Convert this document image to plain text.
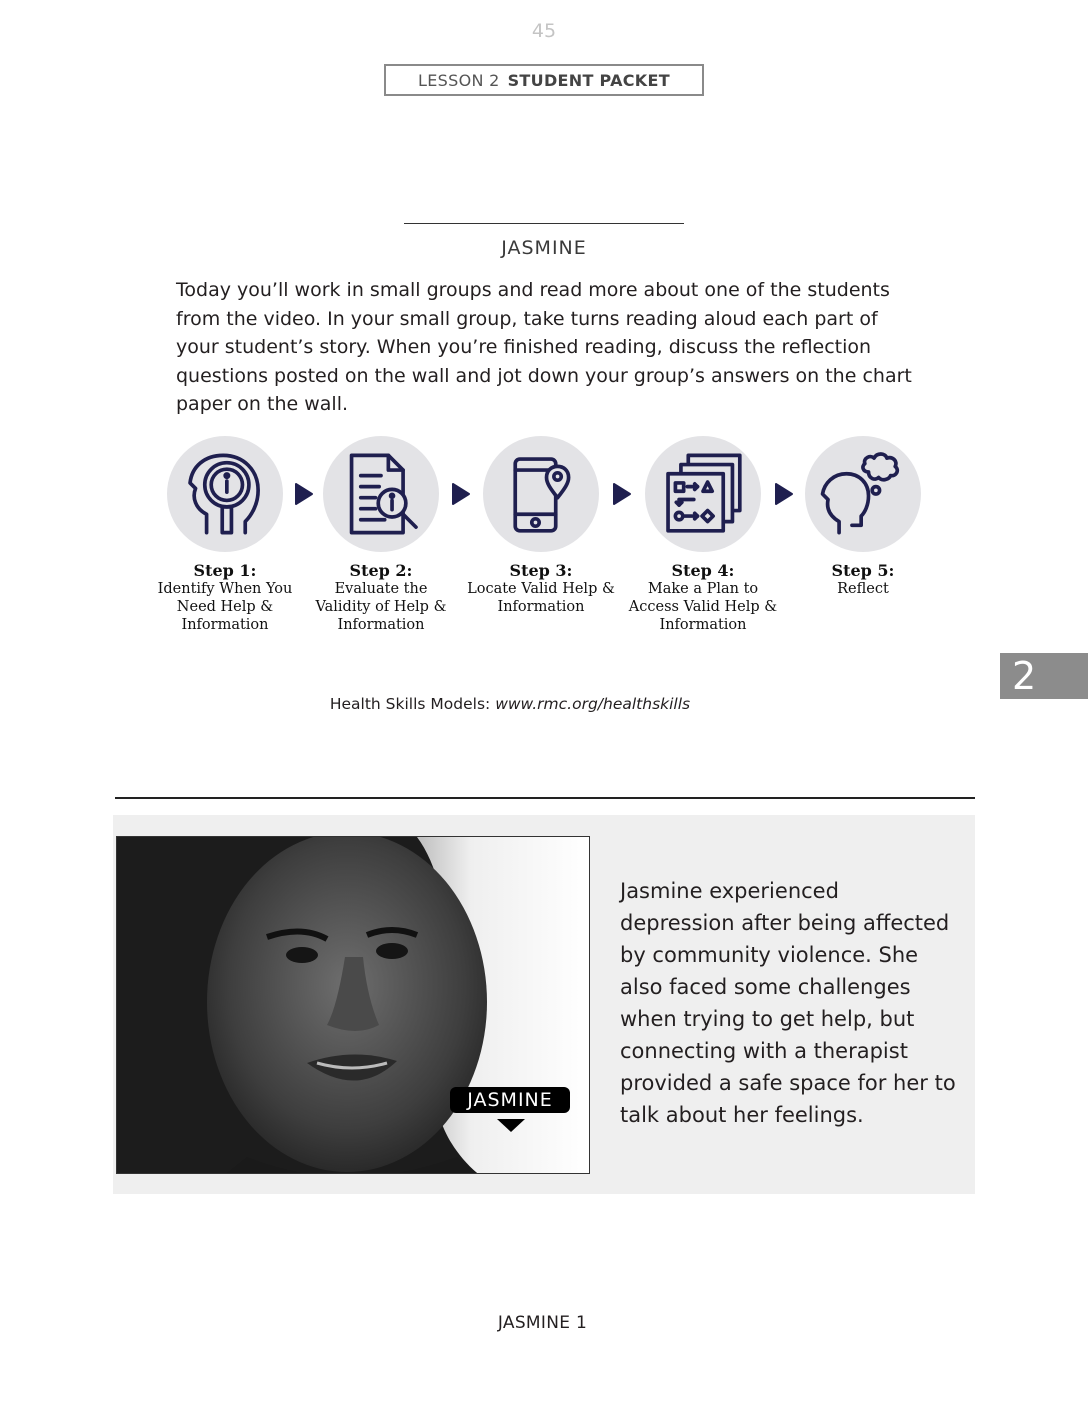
45
LESSON 2 STUDENT PACKET
JASMINE
Today you’ll work in small groups and read more about one of the students from the video. In your small group, take turns reading aloud each part of your student’s story. When you’re finished reading, discuss the reflection questions posted on the wall and jot down your group’s answers on the chart paper on the wall.
Step 1:
Identify When You Need Help & Information
Step 2:
Evaluate the Validity of Help & Information
Step 3:
Locate Valid Help & Information
Step 4:
Make a Plan to Access Valid Help & Information
Step 5:
Reflect
Health Skills Models: www.rmc.org/healthskills
2
JASMINE
Jasmine experienced depression after being affected by community violence. She also faced some challenges when trying to get help, but connecting with a therapist provided a safe space for her to talk about her feelings.
JASMINE 1
